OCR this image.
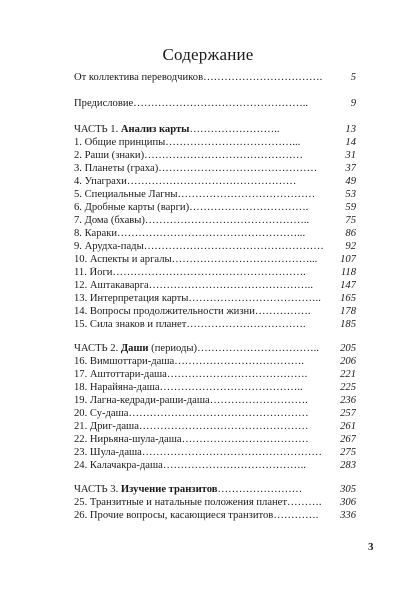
Содержание
От коллектива переводчиков…………………………….	5
Предисловие…………………………………………..	9
ЧАСТЬ 1. Анализ карты……………………..	13
1. Общие принципы………………………………...	14
2. Раши (знаки)………………………………………	31
3. Планеты (граха)………………………………………	37
4. Упаграхи…………………………………………	49
5. Специальные Лагны…………………………………	53
6. Дробные карты (варги)…………………………….	59
7. Дома (бхавы)………………………………………..	75
8. Караки……………………………………………...	86
9. Арудха-пады……………………………………………	92
10. Аспекты и аргалы…………………………………...	107
11. Йоги……………………………………………….	118
12. Аштакаварга………………………………………..	147
13. Интерпретация карты………………………………..	165
14. Вопросы продолжительности жизни…………….	178
15. Сила знаков и планет…………………………….	185
ЧАСТЬ 2. Даши (периоды)……………………………..	205
16. Вимшоттари-даша……………………………….	206
17. Аштоттари-даша………………………………….	221
18. Нарайяна-даша…………………………………..	225
19. Лагна-кедради-раши-даша……………………….	236
20. Су-даша……………………………………………	257
21. Дриг-даша…………………………………………	261
22. Нирьяна-шула-даша………………………………	267
23. Шула-даша……………………………………………	275
24. Калачакра-даша…………………………………..	283
ЧАСТЬ 3. Изучение транзитов……………………	305
25. Транзитные и натальные положения планет……….	306
26. Прочие вопросы, касающиеся транзитов………….	336
3
